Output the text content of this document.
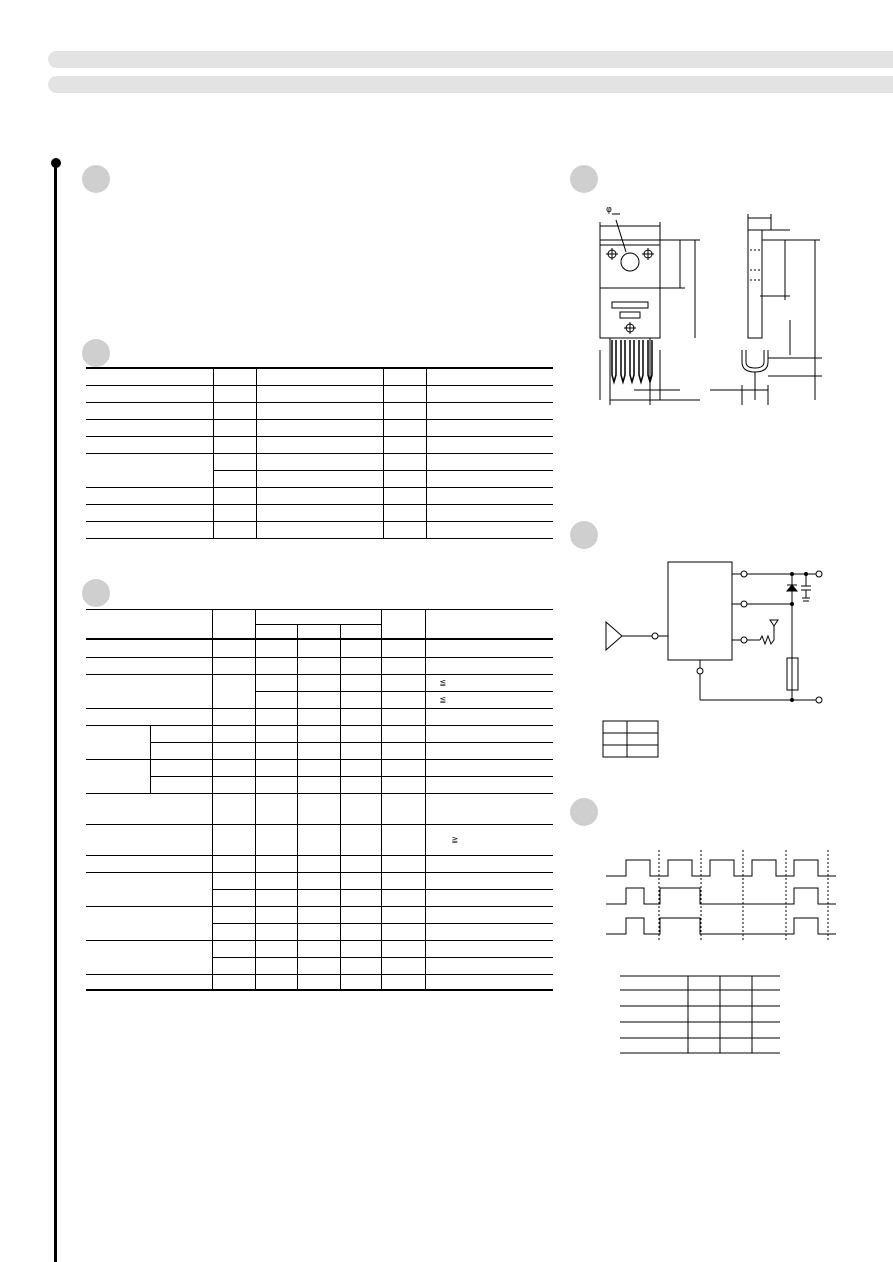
							≦
							≦

							≧

φ
